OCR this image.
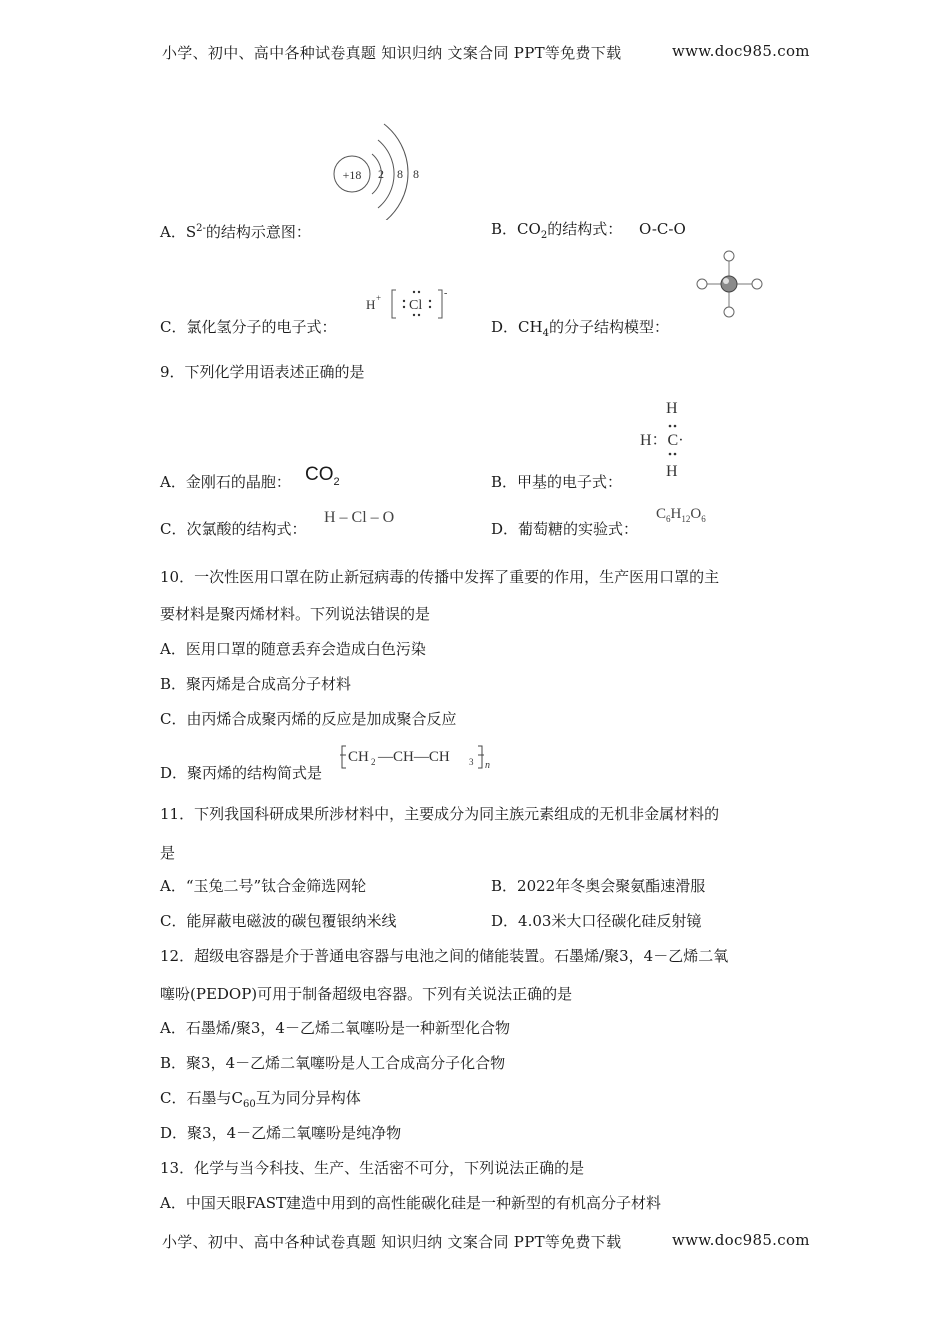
小学、初中、高中各种试卷真题 知识归纳 文案合同 PPT等免费下载	www.doc985.com
+18 2 8 8
A．$S^{2-}$的结构示意图：	B．$CO_2$的结构式： O-C-O
H + Cl
-
C．氯化氢分子的电子式：	D．$CH_4$的分子结构模型：
9．下列化学用语表述正确的是
H
H：C·
H
A．金刚石的晶胞： $CO_2$	B．甲基的电子式：
C．次氯酸的结构式：
H – Cl – O
D．葡萄糖的实验式：
$C_6H_{12}O_6$
10．一次性医用口罩在防止新冠病毒的传播中发挥了重要的作用，生产医用口罩的主
要材料是聚丙烯材料。下列说法错误的是
A．医用口罩的随意丢弃会造成白色污染
B．聚丙烯是合成高分子材料
C．由丙烯合成聚丙烯的反应是加成聚合反应
D．聚丙烯的结构简式是
CH 2 —CH—CH 3 n
11．下列我国科研成果所涉材料中，主要成分为同主族元素组成的无机非金属材料的
是
A．“玉兔二号”钛合金筛选网轮	B．2022年冬奥会聚氨酯速滑服
C．能屏蔽电磁波的碳包覆银纳米线	D．4.03米大口径碳化硅反射镜
12．超级电容器是介于普通电容器与电池之间的储能装置。石墨烯/聚3，4－乙烯二氧
噻吩(PEDOP)可用于制备超级电容器。下列有关说法正确的是
A．石墨烯/聚3，4－乙烯二氧噻吩是一种新型化合物
B．聚3，4－乙烯二氧噻吩是人工合成高分子化合物
C．石墨与$C_{60}$互为同分异构体
D．聚3，4－乙烯二氧噻吩是纯净物
13．化学与当今科技、生产、生活密不可分，下列说法正确的是
A．中国天眼FAST建造中用到的高性能碳化硅是一种新型的有机高分子材料
小学、初中、高中各种试卷真题 知识归纳 文案合同 PPT等免费下载	www.doc985.com
